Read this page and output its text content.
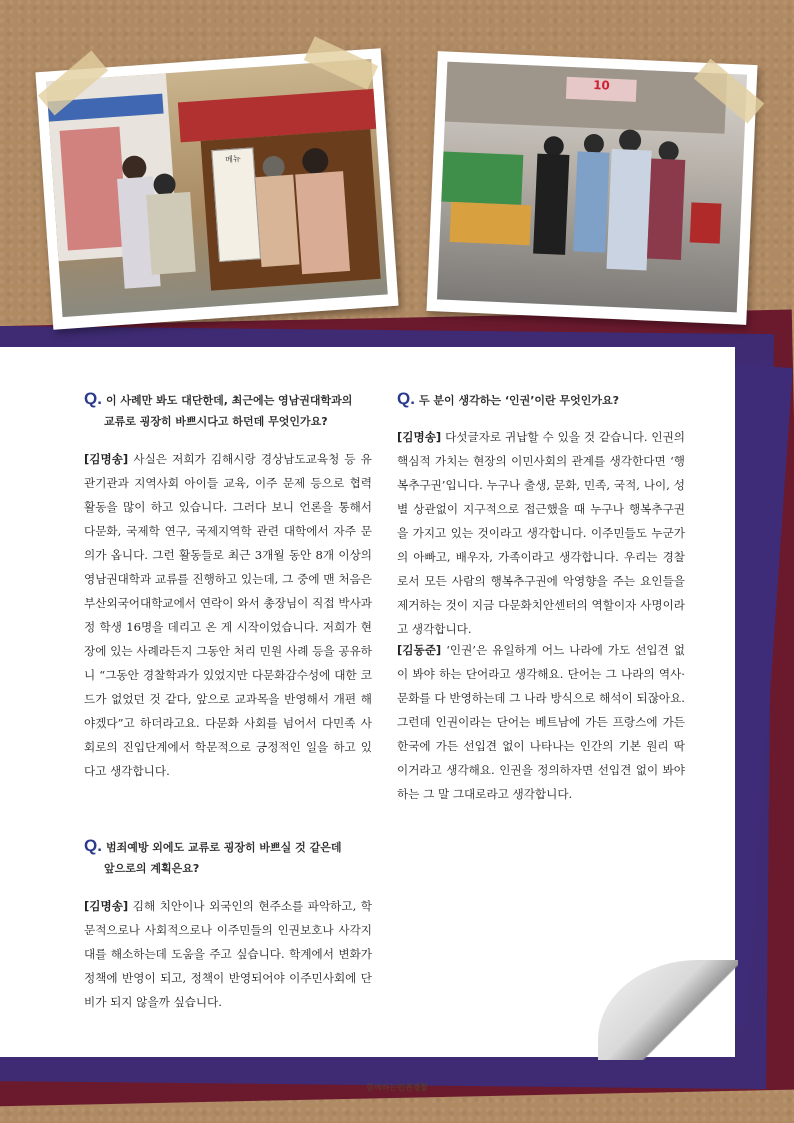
메뉴
10
Q. 이 사례만 봐도 대단한데, 최근에는 영남권대학과의
교류로 굉장히 바쁘시다고 하던데 무엇인가요?

[김명송] 사실은 저희가 김해시랑 경상남도교육청 등 유관기관과 지역사회 아이들 교육, 이주 문제 등으로 협력 활동을 많이 하고 있습니다. 그러다 보니 언론을 통해서 다문화, 국제학 연구, 국제지역학 관련 대학에서 자주 문의가 옵니다. 그런 활동들로 최근 3개월 동안 8개 이상의 영남권대학과 교류를 진행하고 있는데, 그 중에 맨 처음은 부산외국어대학교에서 연락이 와서 총장님이 직접 박사과정 학생 16명을 데리고 온 게 시작이었습니다. 저희가 현장에 있는 사례라든지 그동안 처리 민원 사례 등을 공유하니 “그동안 경찰학과가 있었지만 다문화감수성에 대한 코드가 없었던 것 같다, 앞으로 교과목을 반영해서 개편 해야겠다”고 하더라고요. 다문화 사회를 넘어서 다민족 사회로의 진입단계에서 학문적으로 긍정적인 일을 하고 있다고 생각합니다.

Q. 범죄예방 외에도 교류로 굉장히 바쁘실 것 같은데
앞으로의 계획은요?

[김명송] 김해 치안이나 외국인의 현주소를 파악하고, 학문적으로나 사회적으로나 이주민들의 인권보호나 사각지대를 해소하는데 도움을 주고 싶습니다. 학계에서 변화가 정책에 반영이 되고, 정책이 반영되어야 이주민사회에 단비가 되지 않을까 싶습니다.

Q. 두 분이 생각하는 ‘인권’이란 무엇인가요?

[김명송] 다섯글자로 귀납할 수 있을 것 같습니다. 인권의 핵심적 가치는 현장의 이민사회의 관계를 생각한다면 ‘행복추구권’입니다. 누구나 출생, 문화, 민족, 국적, 나이, 성별 상관없이 지구적으로 접근했을 때 누구나 행복추구권을 가지고 있는 것이라고 생각합니다. 이주민들도 누군가의 아빠고, 배우자, 가족이라고 생각합니다. 우리는 경찰로서 모든 사람의 행복추구권에 악영향을 주는 요인들을 제거하는 것이 지금 다문화치안센터의 역할이자 사명이라고 생각합니다.

[김동준] ‘인권’은 유일하게 어느 나라에 가도 선입견 없이 봐야 하는 단어라고 생각해요. 단어는 그 나라의 역사·문화를 다 반영하는데 그 나라 방식으로 해석이 되잖아요. 그런데 인권이라는 단어는 베트남에 가든 프랑스에 가든 한국에 가든 선입견 없이 나타나는 인간의 기본 원리 딱 이거라고 생각해요. 인권을 정의하자면 선입견 없이 봐야 하는 그 말 그대로라고 생각합니다.

함께하는인권경찰
